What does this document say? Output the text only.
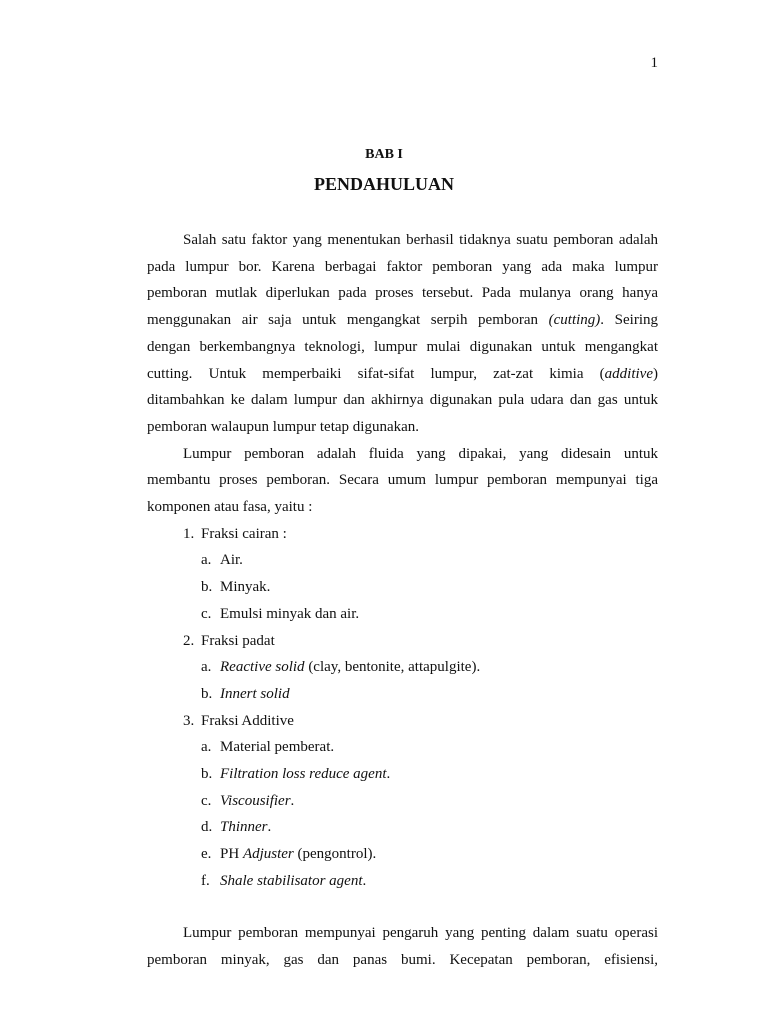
1
BAB I
PENDAHULUAN

Salah satu faktor yang menentukan berhasil tidaknya suatu pemboran adalah

pada lumpur bor. Karena berbagai faktor pemboran yang ada maka lumpur

pemboran mutlak diperlukan pada proses tersebut. Pada mulanya orang hanya

menggunakan air saja untuk mengangkat serpih pemboran (cutting). Seiring

dengan berkembangnya teknologi, lumpur mulai digunakan untuk mengangkat

cutting. Untuk memperbaiki sifat-sifat lumpur, zat-zat kimia (additive)

ditambahkan ke dalam lumpur dan akhirnya digunakan pula udara dan gas untuk

pemboran walaupun lumpur tetap digunakan.

Lumpur pemboran adalah fluida yang dipakai, yang didesain untuk

membantu proses pemboran. Secara umum lumpur pemboran mempunyai tiga

komponen atau fasa, yaitu :

1. Fraksi cairan :

a. Air.

b. Minyak.

c. Emulsi minyak dan air.

2. Fraksi padat

a. Reactive solid (clay, bentonite, attapulgite).

b. Innert solid

3. Fraksi Additive

a. Material pemberat.

b. Filtration loss reduce agent.

c. Viscousifier.

d. Thinner.

e. PH Adjuster (pengontrol).

f. Shale stabilisator agent.

Lumpur pemboran mempunyai pengaruh yang penting dalam suatu operasi

pemboran minyak, gas dan panas bumi. Kecepatan pemboran, efisiensi,
